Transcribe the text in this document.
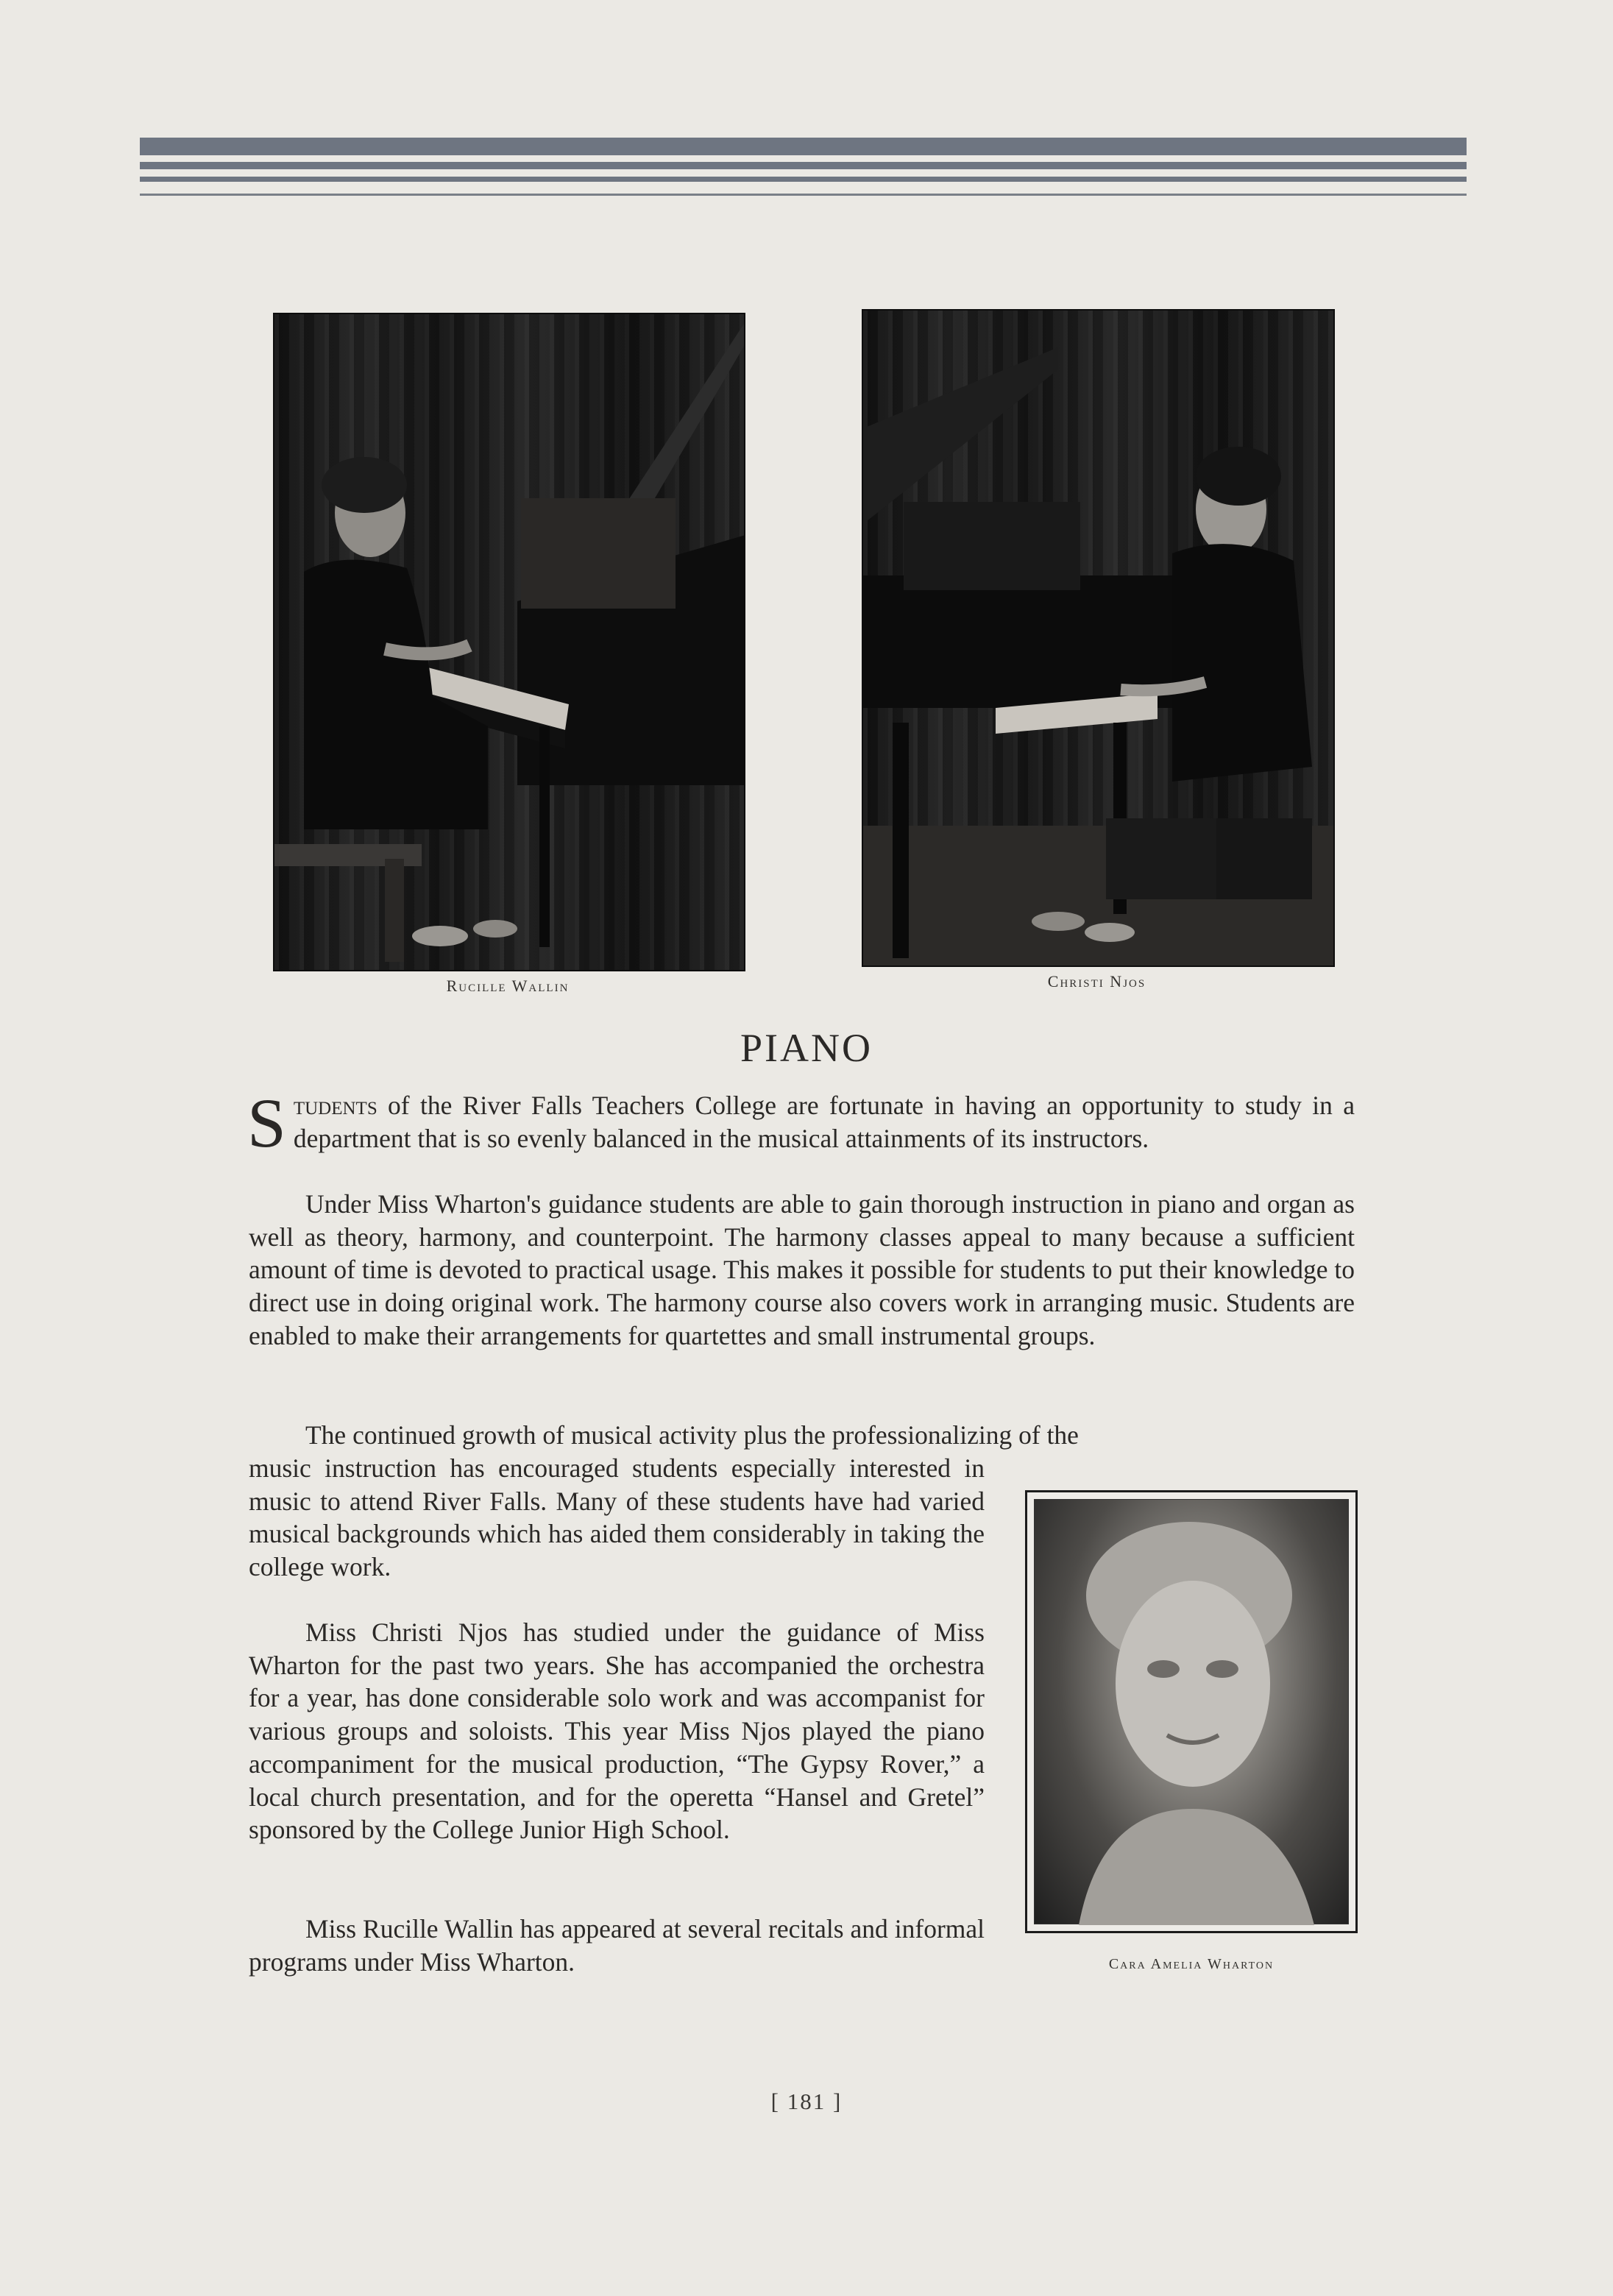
Rucille Wallin	Christi Njos
PIANO

Students of the River Falls Teachers College are fortunate in having an opportunity to study in a department that is so evenly balanced in the musical attainments of its instructors.

Under Miss Wharton's guidance students are able to gain thorough instruction in piano and organ as well as theory, harmony, and counterpoint. The harmony classes appeal to many because a sufficient amount of time is devoted to practical usage. This makes it possible for students to put their knowledge to direct use in doing original work. The harmony course also covers work in arranging music. Students are enabled to make their arrangements for quartettes and small instrumental groups.

The continued growth of musical activity plus the professionalizing of the

music instruction has encouraged students especially interested in music to attend River Falls. Many of these students have had varied musical backgrounds which has aided them considerably in taking the college work.

Miss Christi Njos has studied under the guidance of Miss Wharton for the past two years. She has accompanied the orchestra for a year, has done considerable solo work and was accompanist for various groups and soloists. This year Miss Njos played the piano accompaniment for the musical production, “The Gypsy Rover,” a local church presentation, and for the operetta “Hansel and Gretel” sponsored by the College Junior High School.

Miss Rucille Wallin has appeared at several recitals and informal programs under Miss Wharton.	Cara Amelia Wharton
[ 181 ]
